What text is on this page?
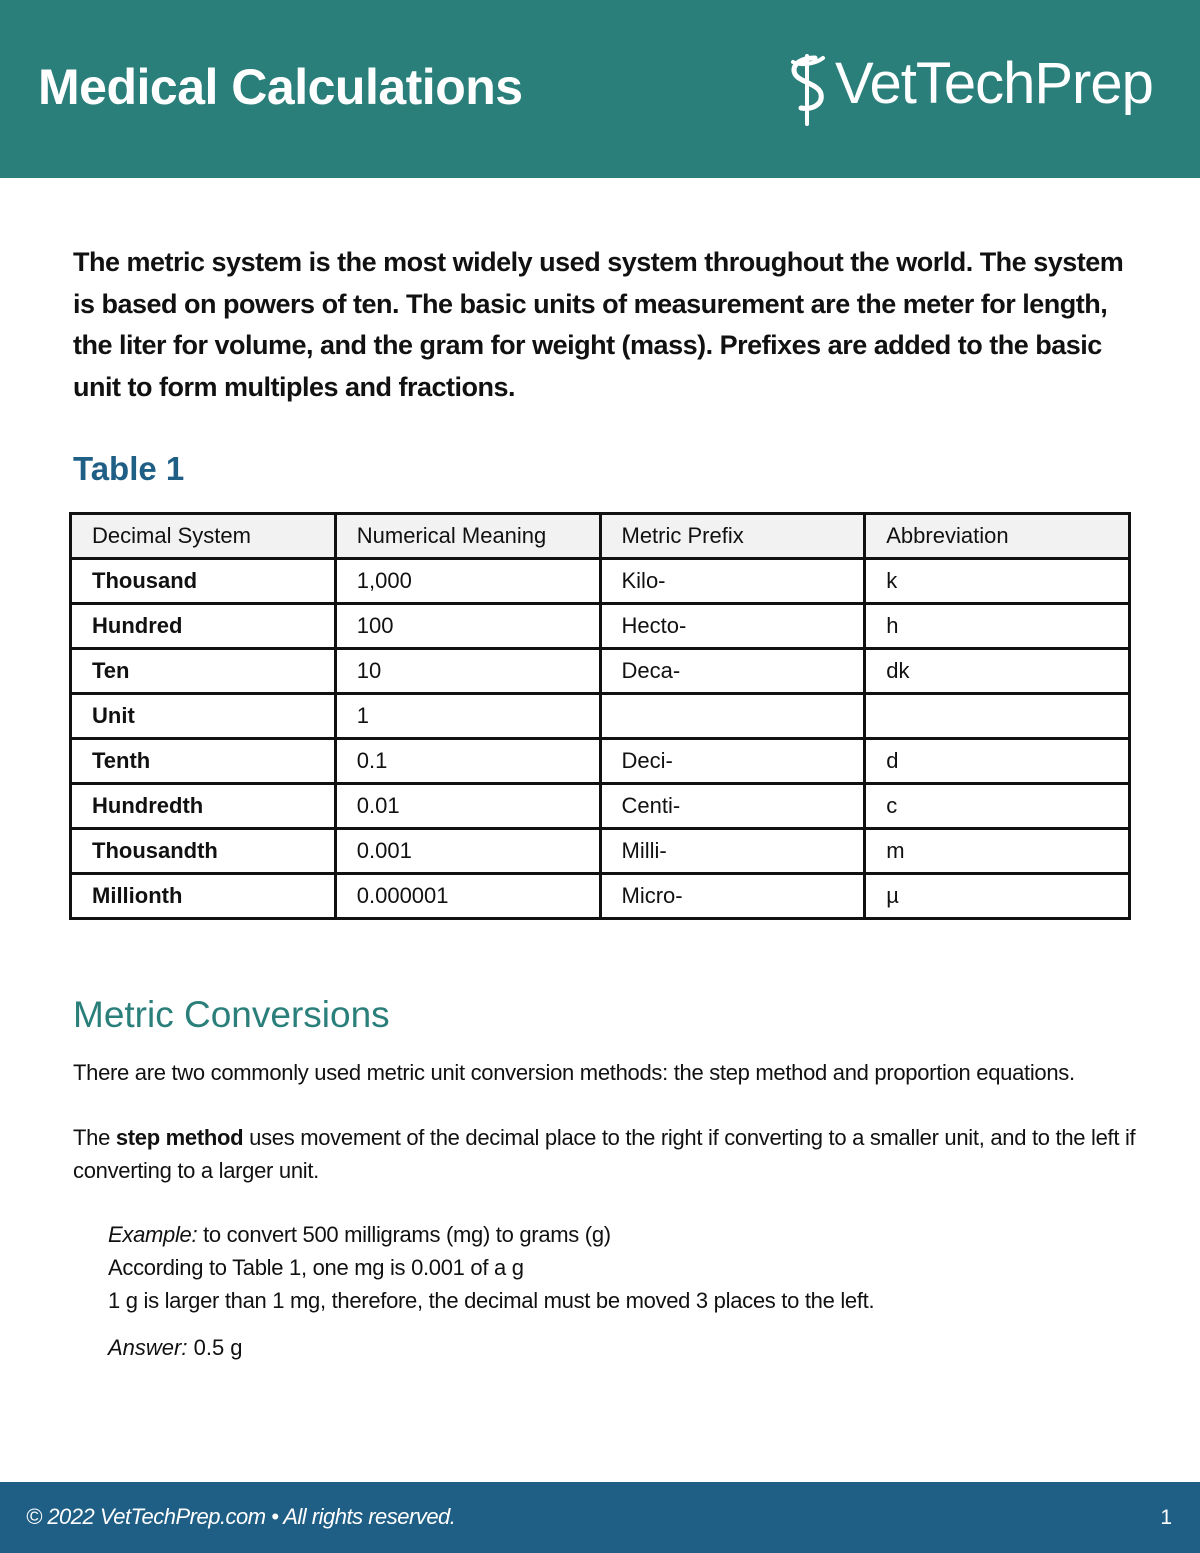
Medical Calculations	VetTechPrep

The metric system is the most widely used system throughout the world. The system is based on powers of ten. The basic units of measurement are the meter for length, the liter for volume, and the gram for weight (mass). Prefixes are added to the basic unit to form multiples and fractions.

Table 1
Decimal System	Numerical Meaning	Metric Prefix	Abbreviation
Thousand	1,000	Kilo-	k
Hundred	100	Hecto-	h
Ten	10	Deca-	dk
Unit	1		
Tenth	0.1	Deci-	d
Hundredth	0.01	Centi-	c
Thousandth	0.001	Milli-	m
Millionth	0.000001	Micro-	µ
Metric Conversions

There are two commonly used metric unit conversion methods: the step method and proportion equations.

The step method uses movement of the decimal place to the right if converting to a smaller unit, and to the left if converting to a larger unit.

Example: to convert 500 milligrams (mg) to grams (g)
According to Table 1, one mg is 0.001 of a g
1 g is larger than 1 mg, therefore, the decimal must be moved 3 places to the left.
Answer: 0.5 g

© 2022 VetTechPrep.com • All rights reserved.	1
